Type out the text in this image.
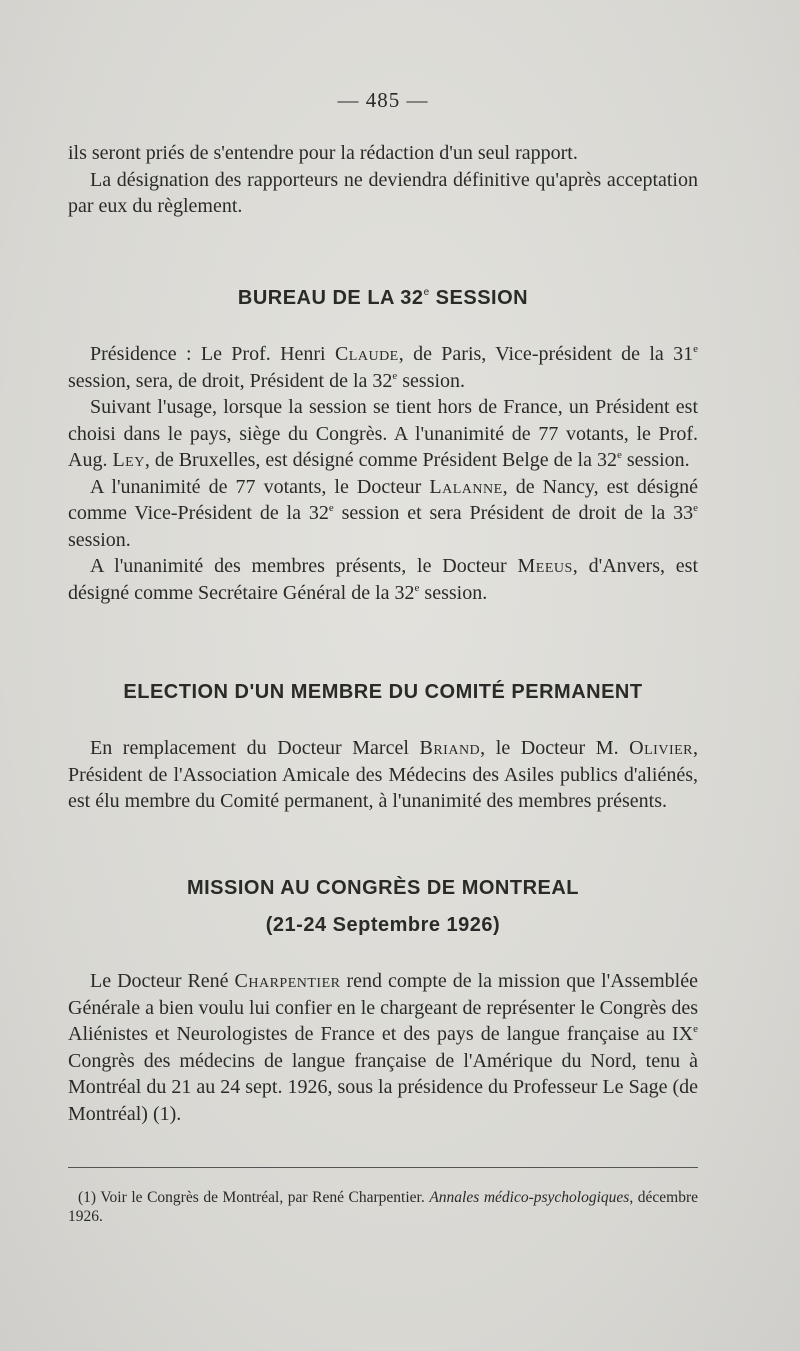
— 485 —

ils seront priés de s'entendre pour la rédaction d'un seul rapport.

La désignation des rapporteurs ne deviendra définitive qu'après acceptation par eux du règlement.

BUREAU DE LA 32e SESSION

Présidence : Le Prof. Henri Claude, de Paris, Vice-président de la 31e session, sera, de droit, Président de la 32e session.

Suivant l'usage, lorsque la session se tient hors de France, un Président est choisi dans le pays, siège du Congrès. A l'unanimité de 77 votants, le Prof. Aug. Ley, de Bruxelles, est désigné comme Président Belge de la 32e session.

A l'unanimité de 77 votants, le Docteur Lalanne, de Nancy, est désigné comme Vice-Président de la 32e session et sera Président de droit de la 33e session.

A l'unanimité des membres présents, le Docteur Meeus, d'Anvers, est désigné comme Secrétaire Général de la 32e session.

ELECTION D'UN MEMBRE DU COMITÉ PERMANENT

En remplacement du Docteur Marcel Briand, le Docteur M. Olivier, Président de l'Association Amicale des Médecins des Asiles publics d'aliénés, est élu membre du Comité permanent, à l'unanimité des membres présents.

MISSION AU CONGRÈS DE MONTREAL
(21-24 Septembre 1926)

Le Docteur René Charpentier rend compte de la mission que l'Assemblée Générale a bien voulu lui confier en le chargeant de représenter le Congrès des Aliénistes et Neurologistes de France et des pays de langue française au IXe Congrès des médecins de langue française de l'Amérique du Nord, tenu à Montréal du 21 au 24 sept. 1926, sous la présidence du Professeur Le Sage (de Montréal) (1).

(1) Voir le Congrès de Montréal, par René Charpentier. Annales médico-psychologiques, décembre 1926.
